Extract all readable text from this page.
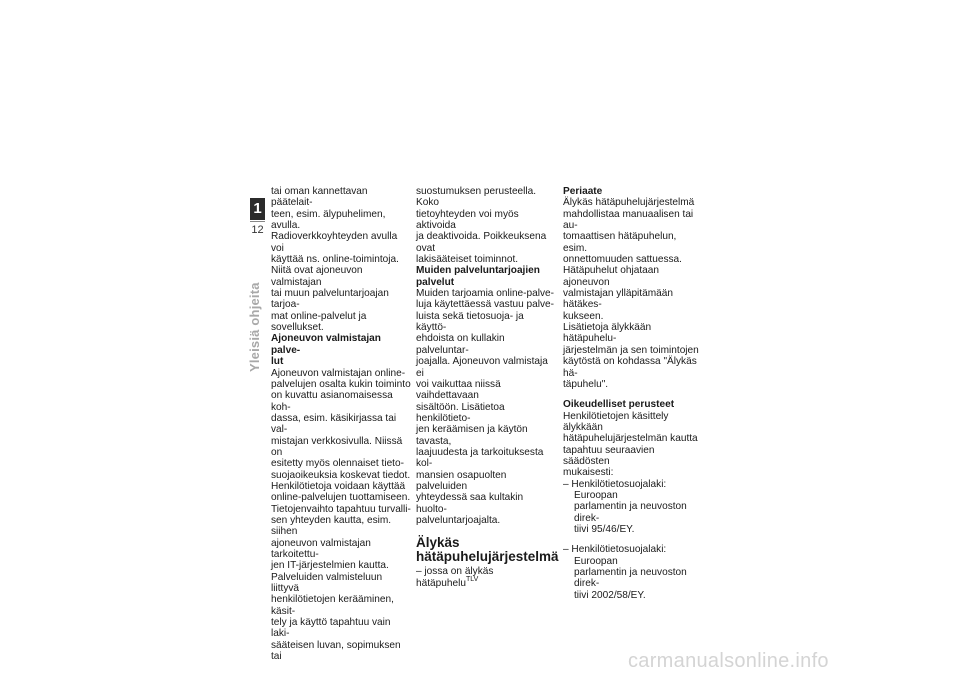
1
12
Yleisiä ohjeita

tai oman kannettavan päätelait-
teen, esim. älypuhelimen, avulla.
Radioverkkoyhteyden avulla voi
käyttää ns. online-toimintoja.
Niitä ovat ajoneuvon valmistajan
tai muun palveluntarjoajan tarjoa-
mat online-palvelut ja sovellukset.

Ajoneuvon valmistajan palve-
lut

Ajoneuvon valmistajan online-
palvelujen osalta kukin toiminto
on kuvattu asianomaisessa koh-
dassa, esim. käsikirjassa tai val-
mistajan verkkosivulla. Niissä on
esitetty myös olennaiset tieto-
suojaoikeuksia koskevat tiedot.
Henkilötietoja voidaan käyttää
online-palvelujen tuottamiseen.
Tietojenvaihto tapahtuu turvalli-
sen yhteyden kautta, esim. siihen
ajoneuvon valmistajan tarkoitettu-
jen IT-järjestelmien kautta.
Palveluiden valmisteluun liittyvä
henkilötietojen kerääminen, käsit-
tely ja käyttö tapahtuu vain laki-
sääteisen luvan, sopimuksen tai

suostumuksen perusteella. Koko
tietoyhteyden voi myös aktivoida
ja deaktivoida. Poikkeuksena ovat
lakisääteiset toiminnot.

Muiden palveluntarjoajien
palvelut

Muiden tarjoamia online-palve-
luja käytettäessä vastuu palve-
luista sekä tietosuoja- ja käyttö-
ehdoista on kullakin palveluntar-
joajalla. Ajoneuvon valmistaja ei
voi vaikuttaa niissä vaihdettavaan
sisältöön. Lisätietoa henkilötieto-
jen keräämisen ja käytön tavasta,
laajuudesta ja tarkoituksesta kol-
mansien osapuolten palveluiden
yhteydessä saa kultakin huolto-
palveluntarjoajalta.

Älykäs
hätäpuhelujärjestelmä

– jossa on älykäs hätäpuhelu$^{TLV}$

Periaate

Älykäs hätäpuhelujärjestelmä
mahdollistaa manuaalisen tai au-
tomaattisen hätäpuhelun, esim.
onnettomuuden sattuessa.
Hätäpuhelut ohjataan ajoneuvon
valmistajan ylläpitämään hätäkes-
kukseen.

Lisätietoja älykkään hätäpuhelu-
järjestelmän ja sen toimintojen
käytöstä on kohdassa "Älykäs hä-
täpuhelu".

Oikeudelliset perusteet

Henkilötietojen käsittely älykkään
hätäpuhelujärjestelmän kautta
tapahtuu seuraavien säädösten
mukaisesti:

– Henkilötietosuojalaki: Euroopan
parlamentin ja neuvoston direk-
tiivi 95/46/EY.

– Henkilötietosuojalaki: Euroopan
parlamentin ja neuvoston direk-
tiivi 2002/58/EY.

carmanualsonline.info
